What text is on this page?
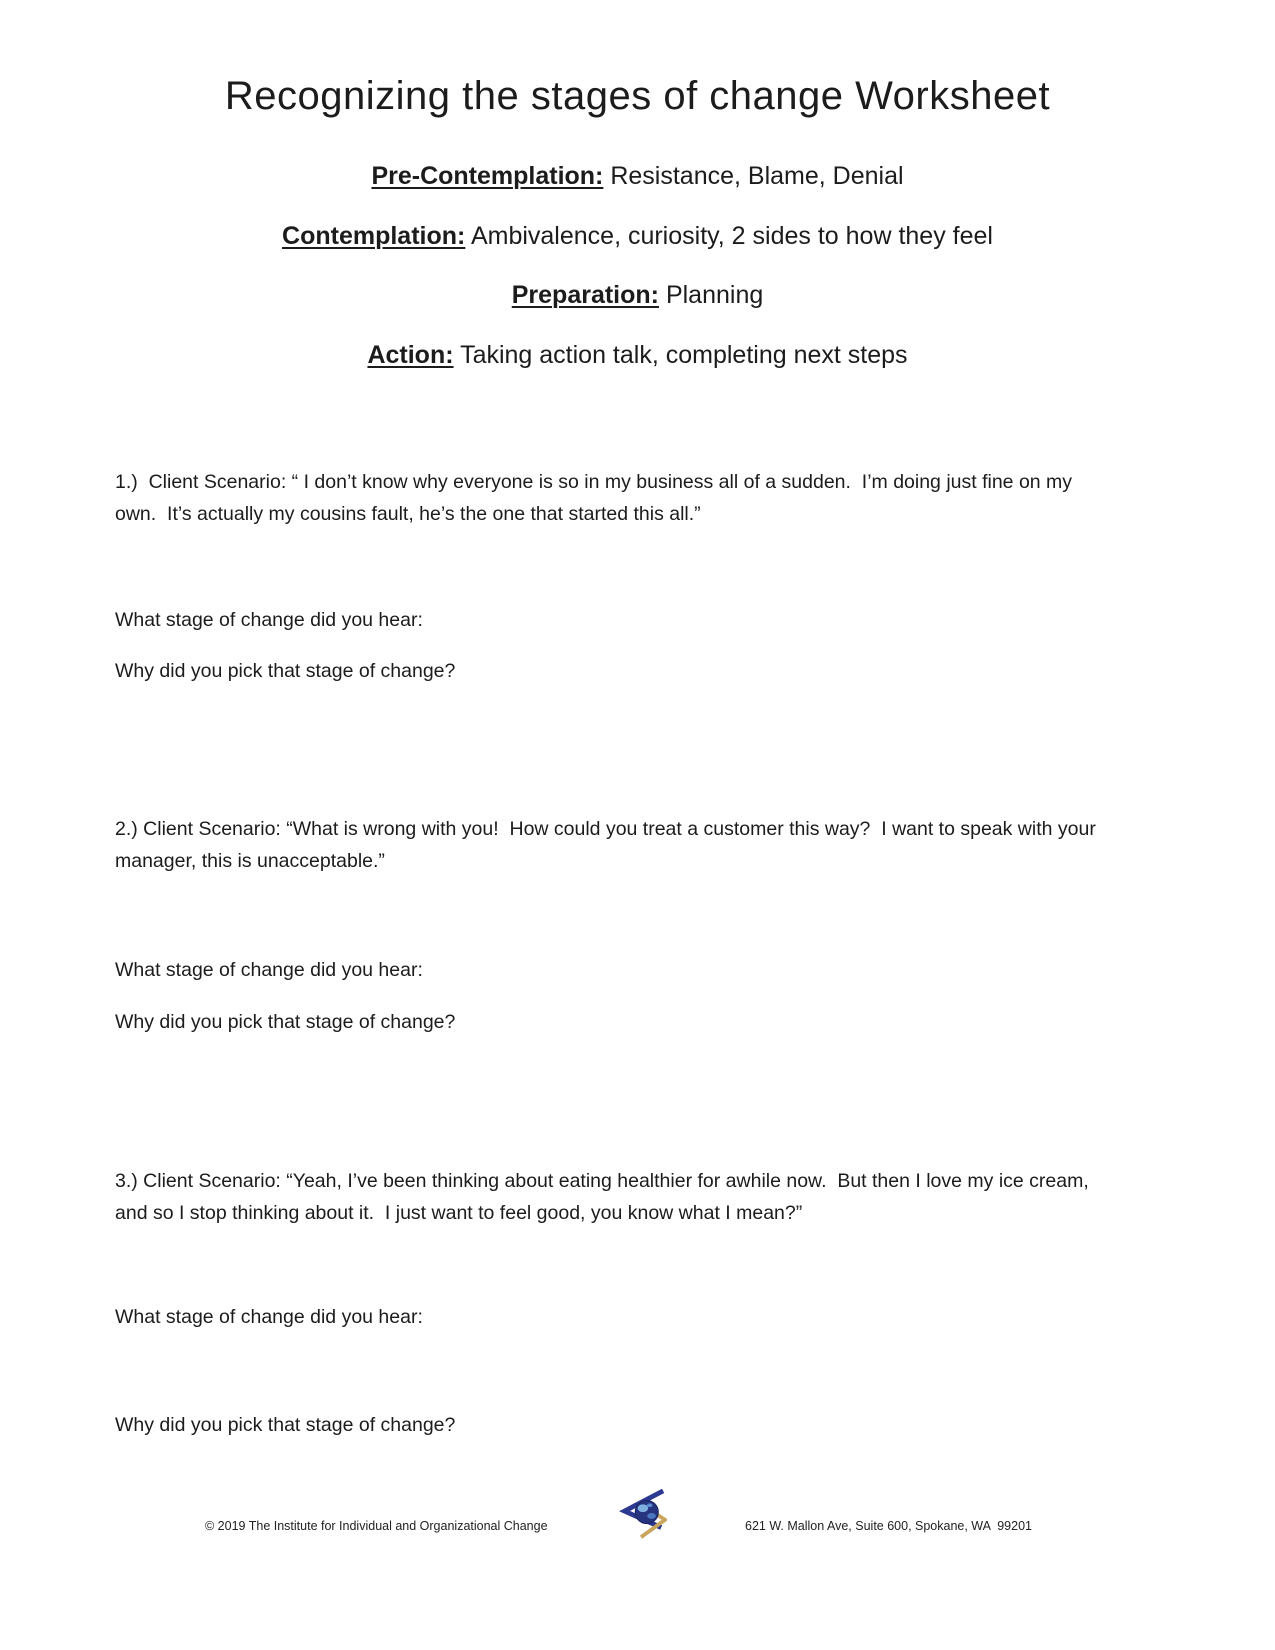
Recognizing the stages of change Worksheet
Pre-Contemplation: Resistance, Blame, Denial
Contemplation: Ambivalence, curiosity, 2 sides to how they feel
Preparation: Planning
Action: Taking action talk, completing next steps

1.)  Client Scenario: “ I don’t know why everyone is so in my business all of a sudden.  I’m doing just fine on my own.  It’s actually my cousins fault, he’s the one that started this all.”

What stage of change did you hear:

Why did you pick that stage of change?

2.) Client Scenario: “What is wrong with you!  How could you treat a customer this way?  I want to speak with your manager, this is unacceptable.”

What stage of change did you hear:

Why did you pick that stage of change?

3.) Client Scenario: “Yeah, I’ve been thinking about eating healthier for awhile now.  But then I love my ice cream, and so I stop thinking about it.  I just want to feel good, you know what I mean?”

What stage of change did you hear:

Why did you pick that stage of change?

© 2019 The Institute for Individual and Organizational Change	621 W. Mallon Ave, Suite 600, Spokane, WA  99201
